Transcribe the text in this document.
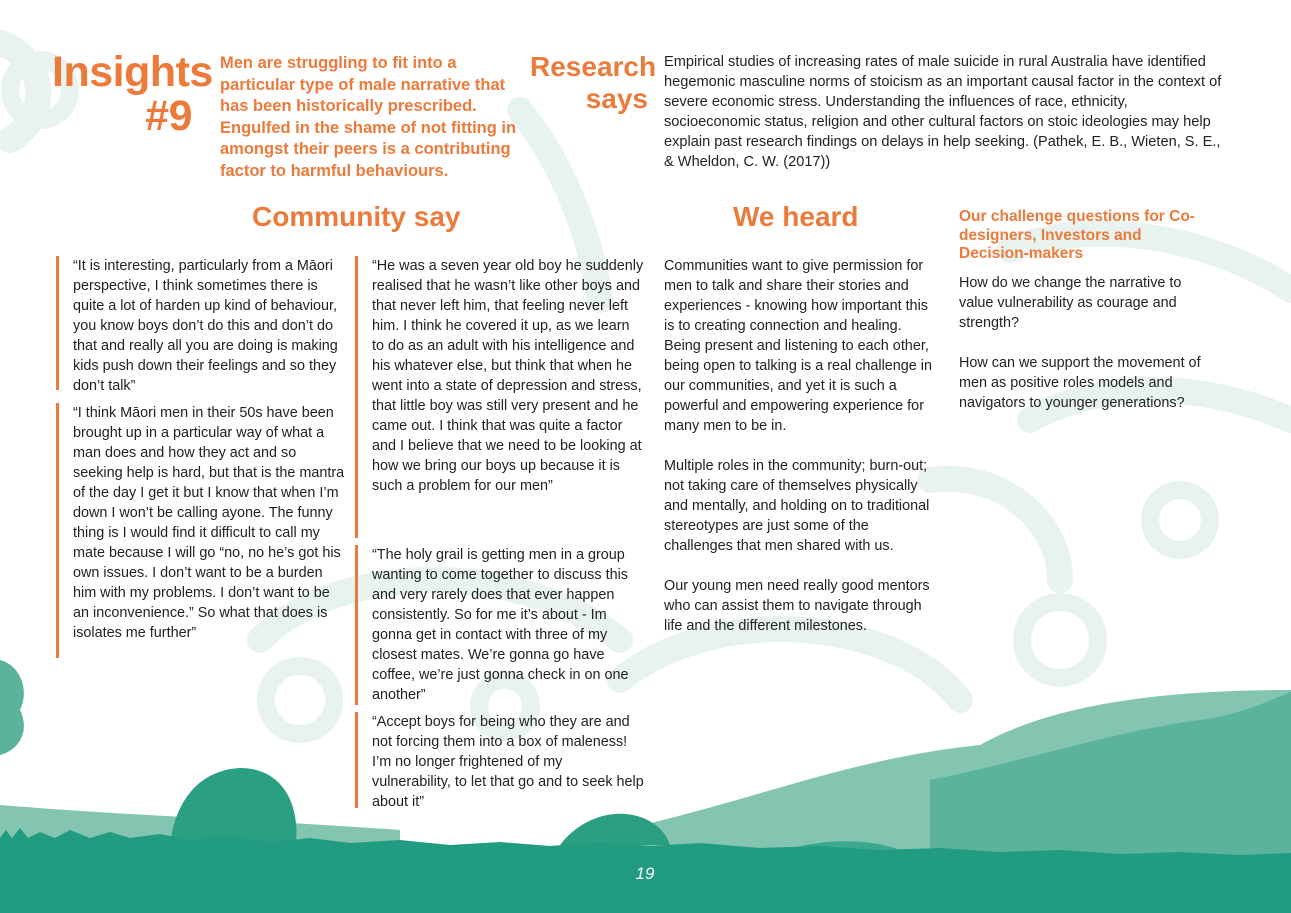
Insights
#9
Men are struggling to fit into a particular type of male narrative that has been historically prescribed. Engulfed in the shame of not fitting in amongst their peers is a contributing factor to harmful behaviours.
Research
says
Empirical studies of increasing rates of male suicide in rural Australia have identified hegemonic masculine norms of stoicism as an important causal factor in the context of severe economic stress. Understanding the influences of race, ethnicity, socioeconomic status, religion and other cultural factors on stoic ideologies may help explain past research findings on delays in help seeking. (Pathek, E. B., Wieten, S. E., & Wheldon, C. W. (2017))
Community say	We heard	Our challenge questions for Co-designers, Investors and Decision-makers
“It is interesting, particularly from a Māori perspective, I think sometimes there is quite a lot of harden up kind of behaviour, you know boys don’t do this and don’t do that and really all you are doing is making kids push down their feelings and so they don’t talk”
“I think Māori men in their 50s have been brought up in a particular way of what a man does and how they act and so seeking help is hard, but that is the mantra of the day I get it but I know that when I’m down I won’t be calling ayone. The funny thing is I would find it difficult to call my mate because I will go “no, no he’s got his own issues. I don’t want to be a burden him with my problems. I don’t want to be an inconvenience.” So what that does is isolates me further”
“He was a seven year old boy he suddenly realised that he wasn’t like other boys and that never left him, that feeling never left him. I think he covered it up, as we learn to do as an adult with his intelligence and his whatever else, but think that when he went into a state of depression and stress, that little boy was still very present and he came out. I think that was quite a factor and I believe that we need to be looking at how we bring our boys up because it is such a problem for our men”
“The holy grail is getting men in a group wanting to come together to discuss this and very rarely does that ever happen consistently. So for me it’s about - Im gonna get in contact with three of my closest mates. We’re gonna go have coffee, we’re just gonna check in on one another”
“Accept boys for being who they are and not forcing them into a box of maleness! I’m no longer frightened of my vulnerability, to let that go and to seek help about it”

Communities want to give permission for men to talk and share their stories and experiences - knowing how important this is to creating connection and healing. Being present and listening to each other, being open to talking is a real challenge in our communities, and yet it is such a powerful and empowering experience for many men to be in.

Multiple roles in the community; burn-out; not taking care of themselves physically and mentally, and holding on to traditional stereotypes are just some of the challenges that men shared with us.

Our young men need really good mentors who can assist them to navigate through life and the different milestones.

How do we change the narrative to value vulnerability as courage and strength?

How can we support the movement of men as positive roles models and navigators to younger generations?

19
